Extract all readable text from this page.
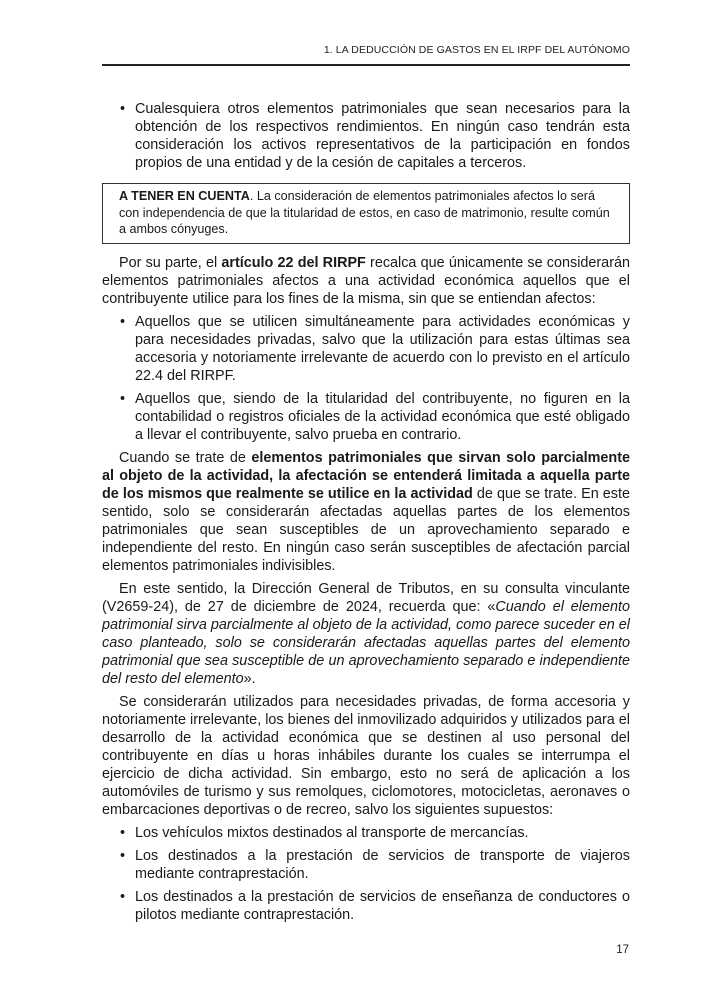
1. LA DEDUCCIÓN DE GASTOS EN EL IRPF DEL AUTÓNOMO
• Cualesquiera otros elementos patrimoniales que sean necesarios para la obtención de los respectivos rendimientos. En ningún caso tendrán esta consideración los activos representativos de la participación en fondos propios de una entidad y de la cesión de capitales a terceros.
A TENER EN CUENTA. La consideración de elementos patrimoniales afectos lo será con independencia de que la titularidad de estos, en caso de matrimonio, resulte común a ambos cónyuges.

Por su parte, el artículo 22 del RIRPF recalca que únicamente se considerarán elementos patrimoniales afectos a una actividad económica aquellos que el contribuyente utilice para los fines de la misma, sin que se entiendan afectos:

• Aquellos que se utilicen simultáneamente para actividades económicas y para necesidades privadas, salvo que la utilización para estas últimas sea accesoria y notoriamente irrelevante de acuerdo con lo previsto en el artículo 22.4 del RIRPF.
• Aquellos que, siendo de la titularidad del contribuyente, no figuren en la contabilidad o registros oficiales de la actividad económica que esté obligado a llevar el contribuyente, salvo prueba en contrario.

Cuando se trate de elementos patrimoniales que sirvan solo parcialmente al objeto de la actividad, la afectación se entenderá limitada a aquella parte de los mismos que realmente se utilice en la actividad de que se trate. En este sentido, solo se considerarán afectadas aquellas partes de los elementos patrimoniales que sean susceptibles de un aprovechamiento separado e independiente del resto. En ningún caso serán susceptibles de afectación parcial elementos patrimoniales indivisibles.

En este sentido, la Dirección General de Tributos, en su consulta vinculante (V2659-24), de 27 de diciembre de 2024, recuerda que: «Cuando el elemento patrimonial sirva parcialmente al objeto de la actividad, como parece suceder en el caso planteado, solo se considerarán afectadas aquellas partes del elemento patrimonial que sea susceptible de un aprovechamiento separado e independiente del resto del elemento».

Se considerarán utilizados para necesidades privadas, de forma accesoria y notoriamente irrelevante, los bienes del inmovilizado adquiridos y utilizados para el desarrollo de la actividad económica que se destinen al uso personal del contribuyente en días u horas inhábiles durante los cuales se interrumpa el ejercicio de dicha actividad. Sin embargo, esto no será de aplicación a los automóviles de turismo y sus remolques, ciclomotores, motocicletas, aeronaves o embarcaciones deportivas o de recreo, salvo los siguientes supuestos:

• Los vehículos mixtos destinados al transporte de mercancías.
• Los destinados a la prestación de servicios de transporte de viajeros mediante contraprestación.
• Los destinados a la prestación de servicios de enseñanza de conductores o pilotos mediante contraprestación.
17
